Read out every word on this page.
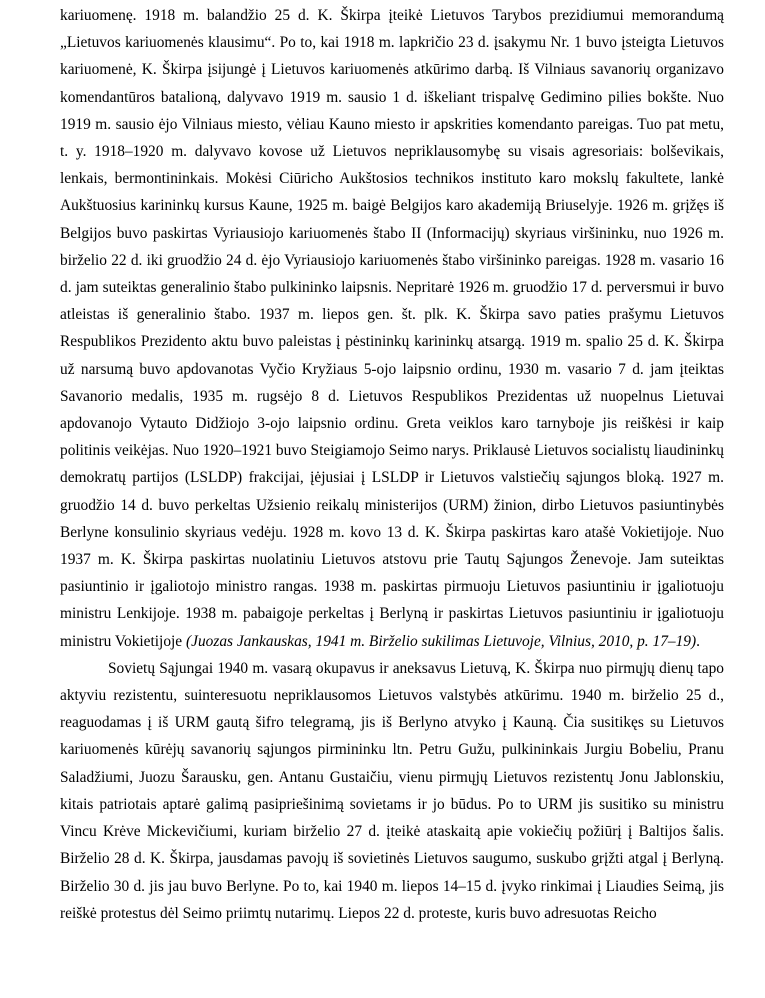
kariuomenę. 1918 m. balandžio 25 d. K. Škirpa įteikė Lietuvos Tarybos prezidiumui memorandumą „Lietuvos kariuomenės klausimu“. Po to, kai 1918 m. lapkričio 23 d. įsakymu Nr. 1 buvo įsteigta Lietuvos kariuomenė, K. Škirpa įsijungė į Lietuvos kariuomenės atkūrimo darbą. Iš Vilniaus savanorių organizavo komendantūros batalioną, dalyvavo 1919 m. sausio 1 d. iškeliant trispalvę Gedimino pilies bokšte. Nuo 1919 m. sausio ėjo Vilniaus miesto, vėliau Kauno miesto ir apskrities komendanto pareigas. Tuo pat metu, t. y. 1918–1920 m. dalyvavo kovose už Lietuvos nepriklausomybę su visais agresoriais: bolševikais, lenkais, bermontininkais. Mokėsi Ciūricho Aukštosios technikos instituto karo mokslų fakultete, lankė Aukštuosius karininkų kursus Kaune, 1925 m. baigė Belgijos karo akademiją Briuselyje. 1926 m. grįžęs iš Belgijos buvo paskirtas Vyriausiojo kariuomenės štabo II (Informacijų) skyriaus viršininku, nuo 1926 m. birželio 22 d. iki gruodžio 24 d. ėjo Vyriausiojo kariuomenės štabo viršininko pareigas. 1928 m. vasario 16 d. jam suteiktas generalinio štabo pulkininko laipsnis. Nepritarė 1926 m. gruodžio 17 d. perversmui ir buvo atleistas iš generalinio štabo. 1937 m. liepos gen. št. plk. K. Škirpa savo paties prašymu Lietuvos Respublikos Prezidento aktu buvo paleistas į pėstininkų karininkų atsargą. 1919 m. spalio 25 d. K. Škirpa už narsumą buvo apdovanotas Vyčio Kryžiaus 5-ojo laipsnio ordinu, 1930 m. vasario 7 d. jam įteiktas Savanorio medalis, 1935 m. rugsėjo 8 d. Lietuvos Respublikos Prezidentas už nuopelnus Lietuvai apdovanojo Vytauto Didžiojo 3-ojo laipsnio ordinu. Greta veiklos karo tarnyboje jis reiškėsi ir kaip politinis veikėjas. Nuo 1920–1921 buvo Steigiamojo Seimo narys. Priklausė Lietuvos socialistų liaudininkų demokratų partijos (LSLDP) frakcijai, įėjusiai į LSLDP ir Lietuvos valstiečių sąjungos bloką. 1927 m. gruodžio 14 d. buvo perkeltas Užsienio reikalų ministerijos (URM) žinion, dirbo Lietuvos pasiuntinybės Berlyne konsulinio skyriaus vedėju. 1928 m. kovo 13 d. K. Škirpa paskirtas karo atašė Vokietijoje. Nuo 1937 m. K. Škirpa paskirtas nuolatiniu Lietuvos atstovu prie Tautų Sąjungos Ženevoje. Jam suteiktas pasiuntinio ir įgaliotojo ministro rangas. 1938 m. paskirtas pirmuoju Lietuvos pasiuntiniu ir įgaliotuoju ministru Lenkijoje. 1938 m. pabaigoje perkeltas į Berlyną ir paskirtas Lietuvos pasiuntiniu ir įgaliotuoju ministru Vokietijoje (Juozas Jankauskas, 1941 m. Birželio sukilimas Lietuvoje, Vilnius, 2010, p. 17–19).

Sovietų Sąjungai 1940 m. vasarą okupavus ir aneksavus Lietuvą, K. Škirpa nuo pirmųjų dienų tapo aktyviu rezistentu, suinteresuotu nepriklausomos Lietuvos valstybės atkūrimu. 1940 m. birželio 25 d., reaguodamas į iš URM gautą šifro telegramą, jis iš Berlyno atvyko į Kauną. Čia susitikęs su Lietuvos kariuomenės kūrėjų savanorių sąjungos pirmininku ltn. Petru Gužu, pulkininkais Jurgiu Bobeliu, Pranu Saladžiumi, Juozu Šarausku, gen. Antanu Gustaičiu, vienu pirmųjų Lietuvos rezistentų Jonu Jablonskiu, kitais patriotais aptarė galimą pasipriešinimą sovietams ir jo būdus. Po to URM jis susitiko su ministru Vincu Krėve Mickevičiumi, kuriam birželio 27 d. įteikė ataskaitą apie vokiečių požiūrį į Baltijos šalis. Birželio 28 d. K. Škirpa, jausdamas pavojų iš sovietinės Lietuvos saugumo, suskubo grįžti atgal į Berlyną. Birželio 30 d. jis jau buvo Berlyne. Po to, kai 1940 m. liepos 14–15 d. įvyko rinkimai į Liaudies Seimą, jis reiškė protestus dėl Seimo priimtų nutarimų. Liepos 22 d. proteste, kuris buvo adresuotas Reicho
